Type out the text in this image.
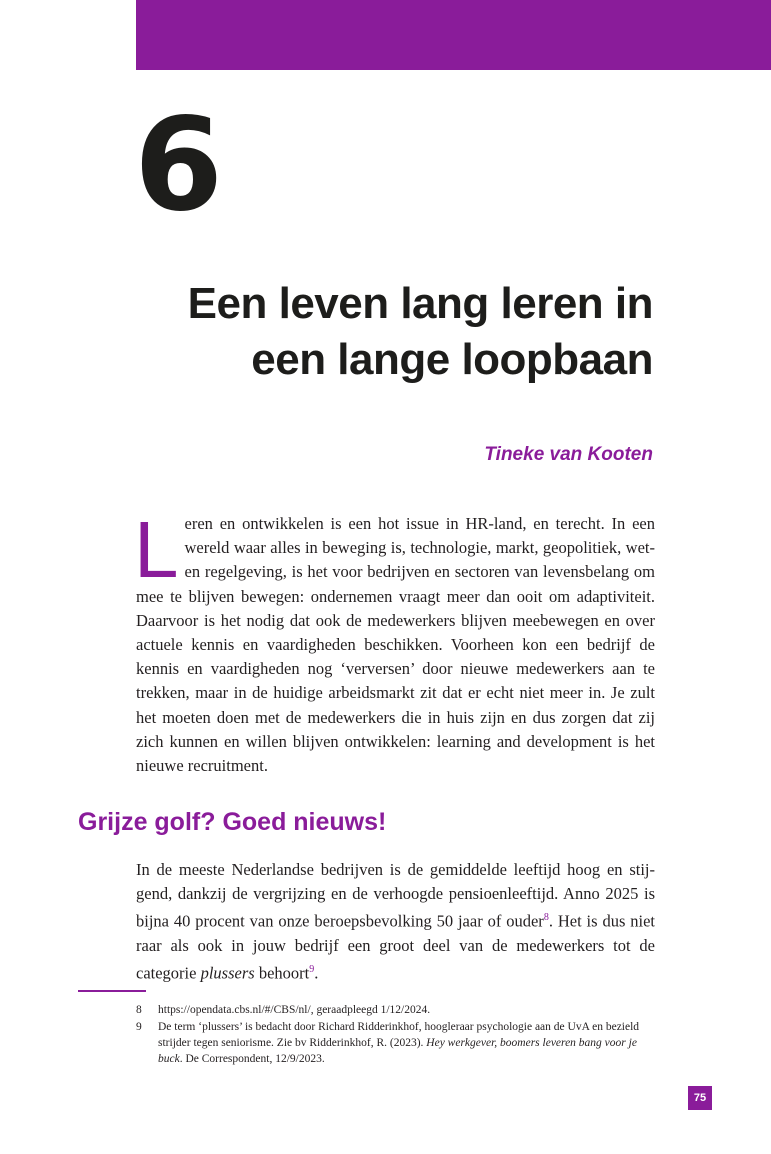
6
Een leven lang leren in
een lange loopbaan
Tineke van Kooten

Leren en ontwikkelen is een hot issue in HR-land, en terecht. In een wereld waar alles in beweging is, technologie, markt, geopolitiek, weten regelgeving, is het voor bedrijven en sectoren van levensbelang om mee te blijven bewegen: ondernemen vraagt meer dan ooit om adaptiviteit. Daarvoor is het nodig dat ook de medewerkers blijven meebewegen en over actuele kennis en vaardigheden beschikken. Voorheen kon een bedrijf de kennis en vaardigheden nog ‘verversen’ door nieuwe medewerkers aan te trekken, maar in de huidige arbeidsmarkt zit dat er echt niet meer in. Je zult het moeten doen met de medewerkers die in huis zijn en dus zorgen dat zij zich kunnen en willen blijven ontwikkelen: learning and development is het nieuwe recruitment.

Grijze golf? Goed nieuws!

In de meeste Nederlandse bedrijven is de gemiddelde leeftijd hoog en stijgend, dankzij de vergrijzing en de verhoogde pensioenleeftijd. Anno 2025 is bijna 40 procent van onze beroepsbevolking 50 jaar of ouder$^8$. Het is dus niet raar als ook in jouw bedrijf een groot deel van de medewerkers tot de categorie plussers behoort$^9$.

8 https://opendata.cbs.nl/#/CBS/nl/, geraadpleegd 1/12/2024.
9 De term ‘plussers’ is bedacht door Richard Ridderinkhof, hoogleraar psychologie aan de UvA en bezield strijder tegen seniorisme. Zie bv Ridderinkhof, R. (2023). Hey werkgever, boomers leveren bang voor je buck. De Correspondent, 12/9/2023.
75
